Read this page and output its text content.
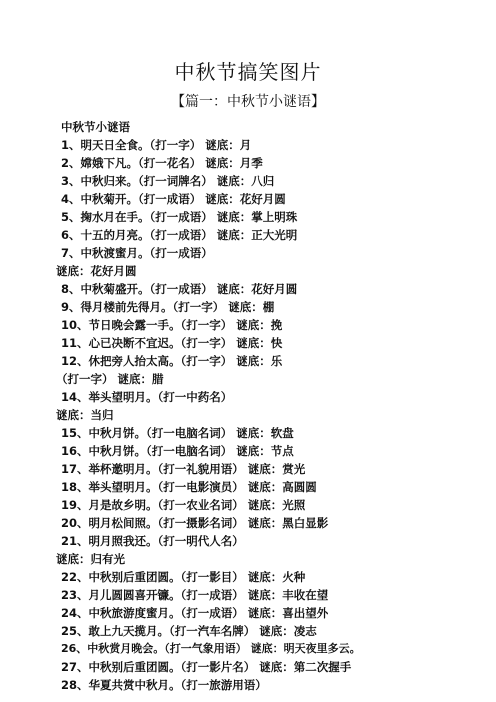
中秋节搞笑图片
【篇一：中秋节小谜语】
中秋节小谜语
1、明天日全食。（打一字） 谜底：月
2、嫦娥下凡。（打一花名） 谜底：月季
3、中秋归来。（打一词牌名） 谜底：八归
4、中秋菊开。（打一成语） 谜底：花好月圆
5、掬水月在手。（打一成语） 谜底：掌上明珠
6、十五的月亮。（打一成语） 谜底：正大光明
7、中秋渡蜜月。（打一成语）
谜底：花好月圆
8、中秋菊盛开。（打一成语） 谜底：花好月圆
9、得月楼前先得月。（打一字） 谜底：棚
10、节日晚会露一手。（打一字） 谜底：挽
11、心已决断不宜迟。（打一字） 谜底：快
12、休把旁人抬太高。（打一字） 谜底：乐
（打一字） 谜底：腊
14、举头望明月。（打一中药名）
谜底：当归
15、中秋月饼。（打一电脑名词） 谜底：软盘
16、中秋月饼。（打一电脑名词） 谜底：节点
17、举杯邀明月。（打一礼貌用语） 谜底：赏光
18、举头望明月。（打一电影演员） 谜底：高圆圆
19、月是故乡明。（打一农业名词） 谜底：光照
20、明月松间照。（打一摄影名词） 谜底：黑白显影
21、明月照我还。（打一明代人名）
谜底：归有光
22、中秋别后重团圆。（打一影目） 谜底：火种
23、月儿圆圆喜开镰。（打一成语） 谜底：丰收在望
24、中秋旅游度蜜月。（打一成语） 谜底：喜出望外
25、敢上九天揽月。（打一汽车名牌） 谜底：凌志
26、中秋赏月晚会。（打一气象用语） 谜底：明天夜里多云。
27、中秋别后重团圆。（打一影片名） 谜底：第二次握手
28、华夏共赏中秋月。（打一旅游用语）
